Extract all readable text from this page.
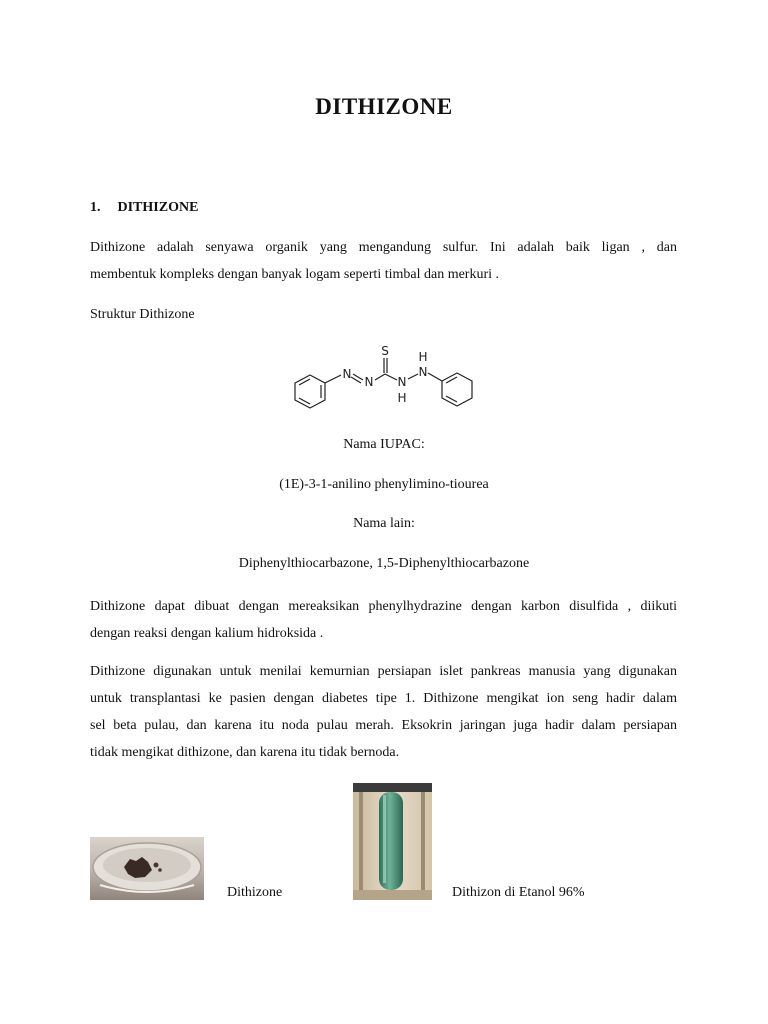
DITHIZONE
1. DITHIZONE
Dithizone adalah senyawa organik yang mengandung sulfur. Ini adalah baik ligan , dan
membentuk kompleks dengan banyak logam seperti timbal dan merkuri .
Struktur Dithizone
N
N
S
N
H
N
H
Nama IUPAC:
(1E)-3-1-anilino phenylimino-tiourea
Nama lain:
Diphenylthiocarbazone, 1,5-Diphenylthiocarbazone
Dithizone dapat dibuat dengan mereaksikan phenylhydrazine dengan karbon disulfida , diikuti
dengan reaksi dengan kalium hidroksida .
Dithizone digunakan untuk menilai kemurnian persiapan islet pankreas manusia yang digunakan
untuk transplantasi ke pasien dengan diabetes tipe 1. Dithizone mengikat ion seng hadir dalam
sel beta pulau, dan karena itu noda pulau merah. Eksokrin jaringan juga hadir dalam persiapan
tidak mengikat dithizone, dan karena itu tidak bernoda.
Dithizone	Dithizon di Etanol 96%
